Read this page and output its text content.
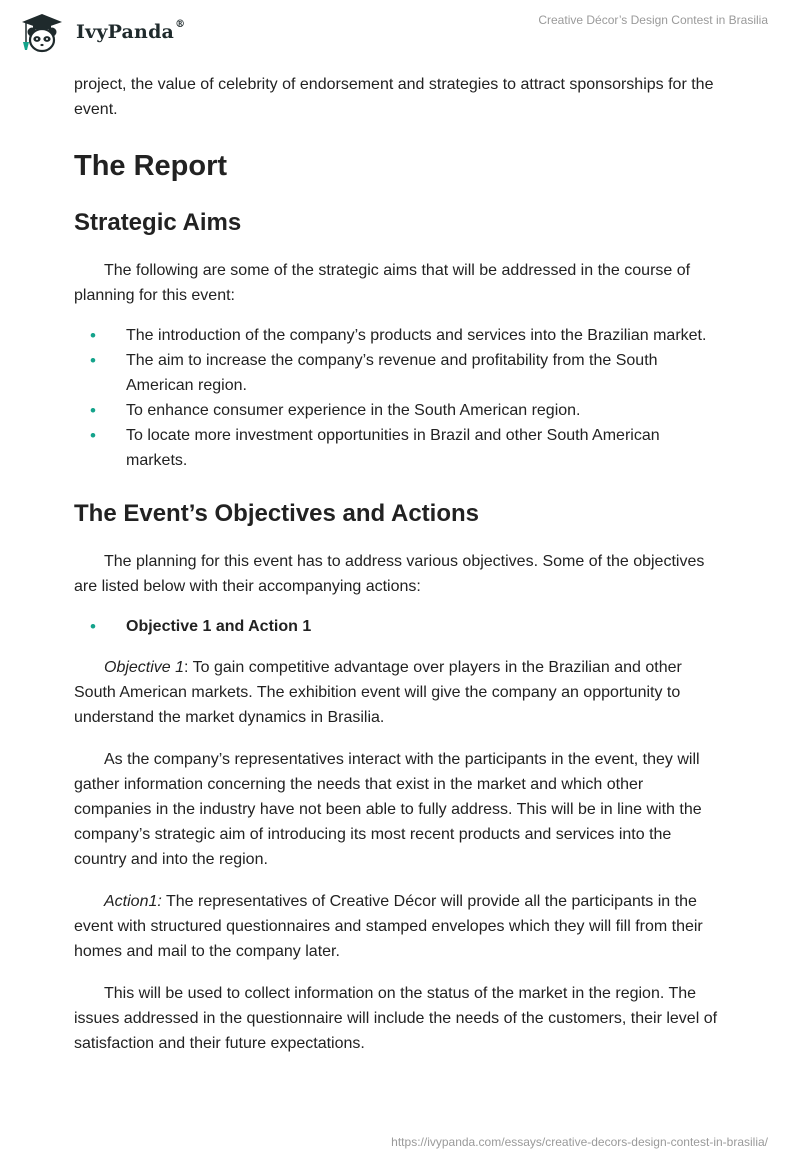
IvyPanda®	Creative Décor’s Design Contest in Brasilia

project, the value of celebrity of endorsement and strategies to attract sponsorships for the event.

The Report
Strategic Aims

The following are some of the strategic aims that will be addressed in the course of planning for this event:

• The introduction of the company’s products and services into the Brazilian market.
• The aim to increase the company’s revenue and profitability from the South American region.
• To enhance consumer experience in the South American region.
• To locate more investment opportunities in Brazil and other South American markets.
The Event’s Objectives and Actions

The planning for this event has to address various objectives. Some of the objectives are listed below with their accompanying actions:

• Objective 1 and Action 1

Objective 1: To gain competitive advantage over players in the Brazilian and other South American markets. The exhibition event will give the company an opportunity to understand the market dynamics in Brasilia.

As the company’s representatives interact with the participants in the event, they will gather information concerning the needs that exist in the market and which other companies in the industry have not been able to fully address. This will be in line with the company’s strategic aim of introducing its most recent products and services into the country and into the region.

Action1: The representatives of Creative Décor will provide all the participants in the event with structured questionnaires and stamped envelopes which they will fill from their homes and mail to the company later.

This will be used to collect information on the status of the market in the region. The issues addressed in the questionnaire will include the needs of the customers, their level of satisfaction and their future expectations.

https://ivypanda.com/essays/creative-decors-design-contest-in-brasilia/
